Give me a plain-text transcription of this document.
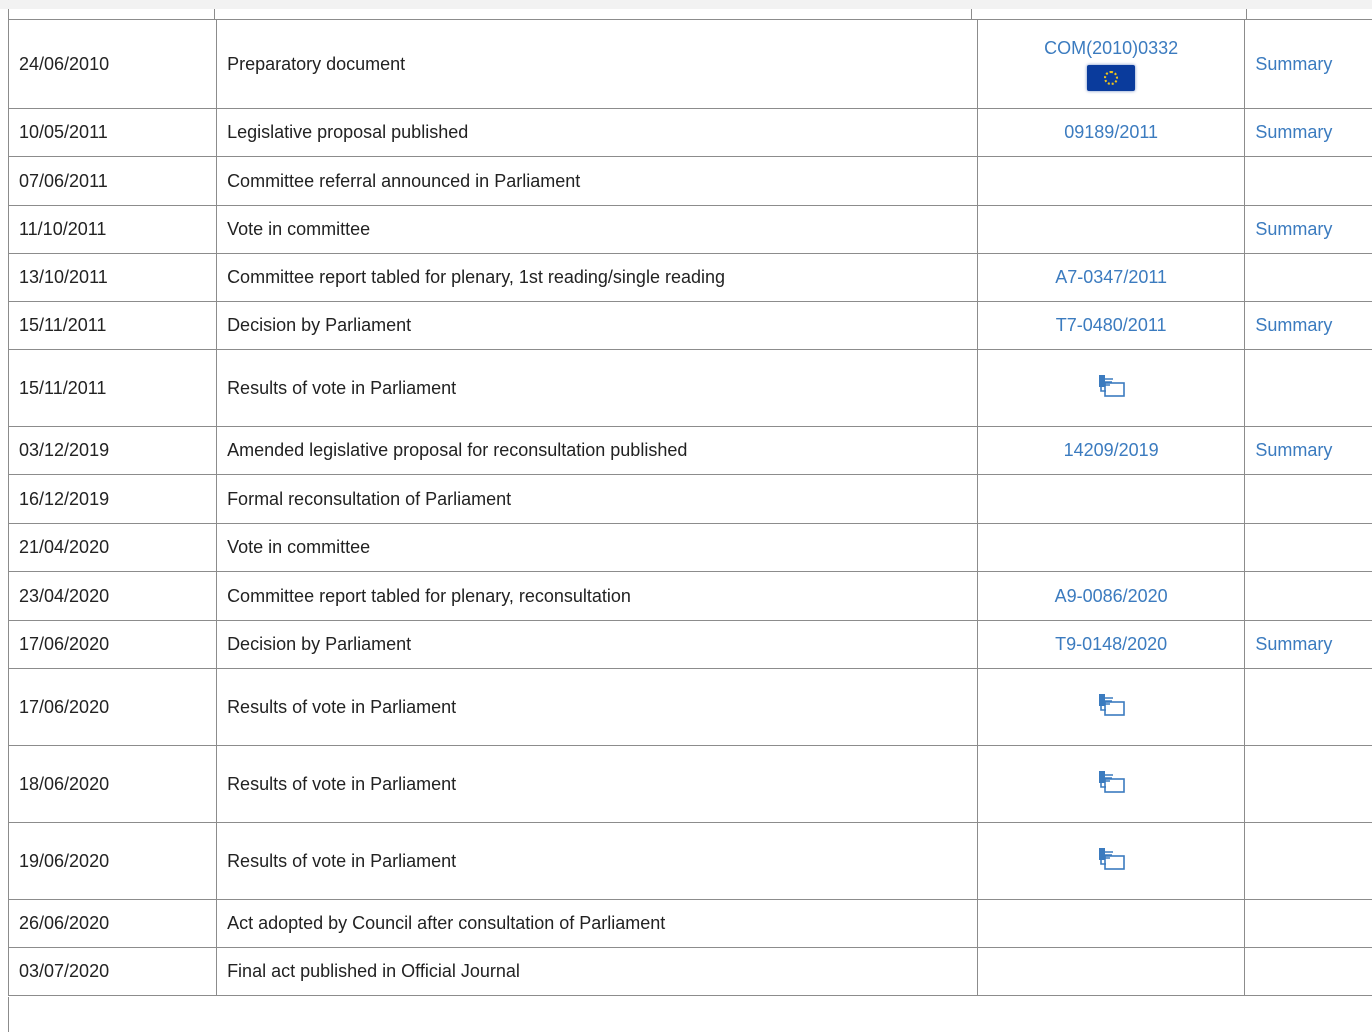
24/06/2010	Preparatory document	COM(2010)0332	Summary
10/05/2011	Legislative proposal published	09189/2011	Summary
07/06/2011	Committee referral announced in Parliament		
11/10/2011	Vote in committee		Summary
13/10/2011	Committee report tabled for plenary, 1st reading/single reading	A7-0347/2011	
15/11/2011	Decision by Parliament	T7-0480/2011	Summary
15/11/2011	Results of vote in Parliament		
03/12/2019	Amended legislative proposal for reconsultation published	14209/2019	Summary
16/12/2019	Formal reconsultation of Parliament		
21/04/2020	Vote in committee		
23/04/2020	Committee report tabled for plenary, reconsultation	A9-0086/2020	
17/06/2020	Decision by Parliament	T9-0148/2020	Summary
17/06/2020	Results of vote in Parliament		
18/06/2020	Results of vote in Parliament		
19/06/2020	Results of vote in Parliament		
26/06/2020	Act adopted by Council after consultation of Parliament		
03/07/2020	Final act published in Official Journal		
